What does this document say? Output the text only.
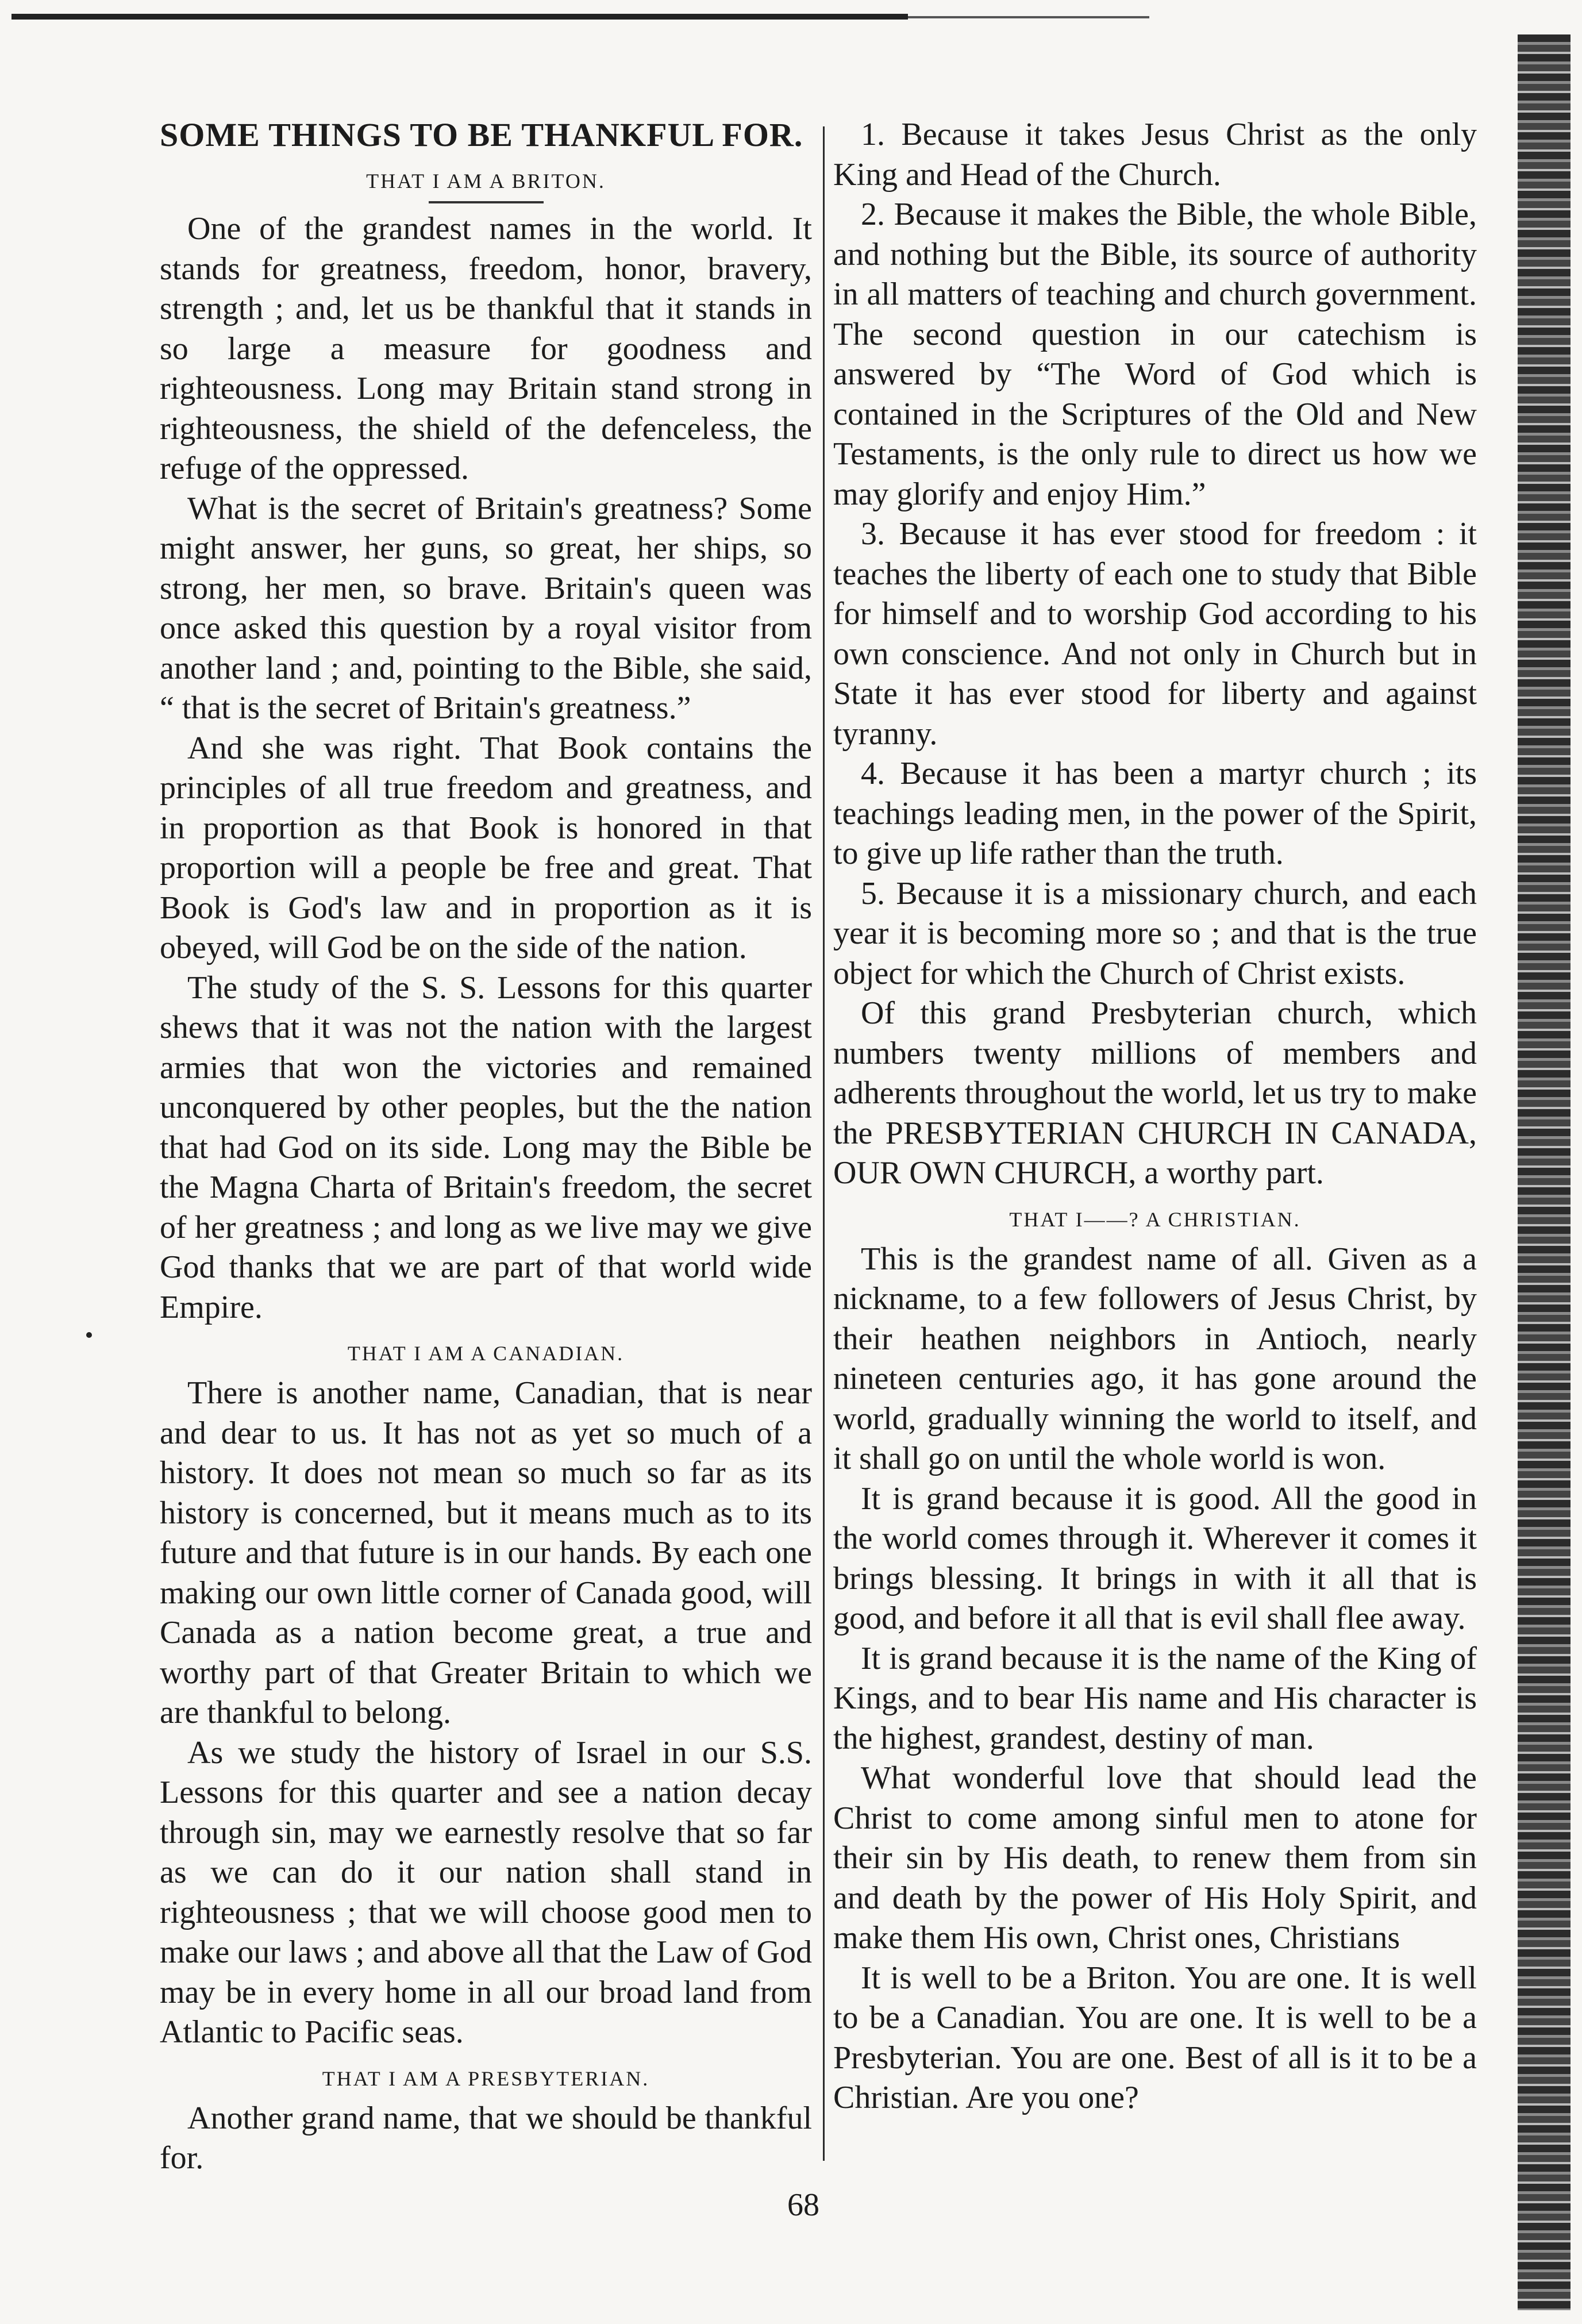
SOME THINGS TO BE THANKFUL FOR.
THAT I AM A BRITON.

One of the grandest names in the world. It stands for greatness, freedom, honor, bravery, strength ; and, let us be thankful that it stands in so large a measure for goodness and righteousness. Long may Britain stand strong in righteousness, the shield of the defenceless, the refuge of the oppressed.

What is the secret of Britain's greatness? Some might answer, her guns, so great, her ships, so strong, her men, so brave. Britain's queen was once asked this question by a royal visitor from another land ; and, pointing to the Bible, she said, “ that is the secret of Britain's greatness.”

And she was right. That Book contains the principles of all true freedom and greatness, and in proportion as that Book is honored in that proportion will a people be free and great. That Book is God's law and in proportion as it is obeyed, will God be on the side of the nation.

The study of the S. S. Lessons for this quarter shews that it was not the nation with the largest armies that won the victories and remained unconquered by other peoples, but the the nation that had God on its side. Long may the Bible be the Magna Charta of Britain's freedom, the secret of her greatness ; and long as we live may we give God thanks that we are part of that world wide Empire.

THAT I AM A CANADIAN.

There is another name, Canadian, that is near and dear to us. It has not as yet so much of a history. It does not mean so much so far as its history is concerned, but it means much as to its future and that future is in our hands. By each one making our own little corner of Canada good, will Canada as a nation become great, a true and worthy part of that Greater Britain to which we are thankful to belong.

As we study the history of Israel in our S.S. Lessons for this quarter and see a nation decay through sin, may we earnestly resolve that so far as we can do it our nation shall stand in righteousness ; that we will choose good men to make our laws ; and above all that the Law of God may be in every home in all our broad land from Atlantic to Pacific seas.

THAT I AM A PRESBYTERIAN.

Another grand name, that we should be thankful for.

1. Because it takes Jesus Christ as the only King and Head of the Church.

2. Because it makes the Bible, the whole Bible, and nothing but the Bible, its source of authority in all matters of teaching and church government. The second question in our catechism is answered by “The Word of God which is contained in the Scriptures of the Old and New Testaments, is the only rule to direct us how we may glorify and enjoy Him.”

3. Because it has ever stood for freedom : it teaches the liberty of each one to study that Bible for himself and to worship God according to his own conscience. And not only in Church but in State it has ever stood for liberty and against tyranny.

4. Because it has been a martyr church ; its teachings leading men, in the power of the Spirit, to give up life rather than the truth.

5. Because it is a missionary church, and each year it is becoming more so ; and that is the true object for which the Church of Christ exists.

Of this grand Presbyterian church, which numbers twenty millions of members and adherents throughout the world, let us try to make the PRESBYTERIAN CHURCH IN CANADA, OUR OWN CHURCH, a worthy part.

THAT I——? A CHRISTIAN.

This is the grandest name of all. Given as a nickname, to a few followers of Jesus Christ, by their heathen neighbors in Antioch, nearly nineteen centuries ago, it has gone around the world, gradually winning the world to itself, and it shall go on until the whole world is won.

It is grand because it is good. All the good in the world comes through it. Wherever it comes it brings blessing. It brings in with it all that is good, and before it all that is evil shall flee away.

It is grand because it is the name of the King of Kings, and to bear His name and His character is the highest, grandest, destiny of man.

What wonderful love that should lead the Christ to come among sinful men to atone for their sin by His death, to renew them from sin and death by the power of His Holy Spirit, and make them His own, Christ ones, Christians

It is well to be a Briton. You are one. It is well to be a Canadian. You are one. It is well to be a Presbyterian. You are one. Best of all is it to be a Christian. Are you one?

68
